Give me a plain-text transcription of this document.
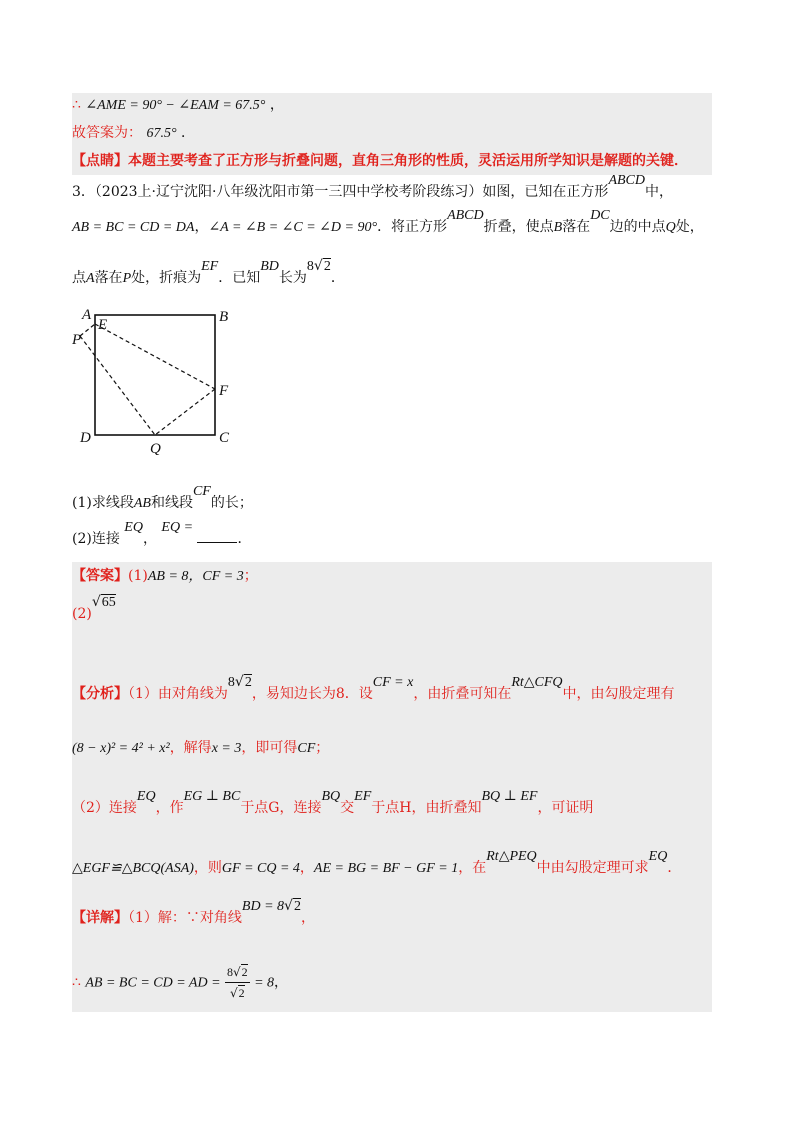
∴ ∠AME = 90° − ∠EAM = 67.5° ，
故答案为： 67.5° ．
【点睛】本题主要考查了正方形与折叠问题，直角三角形的性质，灵活运用所学知识是解题的关键．
3．（2023上·辽宁沈阳·八年级沈阳市第一三四中学校考阶段练习）如图，已知在正方形ABCD中，
AB = BC = CD = DA，∠A = ∠B = ∠C = ∠D = 90°．将正方形ABCD折叠，使点B落在DC边的中点Q处，
点A落在P处，折痕为EF．已知BD长为8√2．
A
E	B
P
F
D	C
Q
(1)求线段AB和线段CF的长；
(2)连接 EQ， EQ = ．
【答案】(1)AB = 8，CF = 3；
(2)√65
【分析】（1）由对角线为8√2，易知边长为8．设CF = x，由折叠可知在Rt△CFQ中，由勾股定理有
(8 − x)² = 4² + x²，解得x = 3，即可得CF；
（2）连接EQ，作EG ⊥ BC于点G，连接BQ交EF于点H，由折叠知BQ ⊥ EF，可证明
△EGF≌△BCQ(ASA)，则GF = CQ = 4，AE = BG = BF − GF = 1，在Rt△PEQ中由勾股定理可求EQ．
【详解】（1）解：∵对角线BD = 8√2，
∴ AB = BC = CD = AD = $\frac{8√2}{√2} = 8$，
